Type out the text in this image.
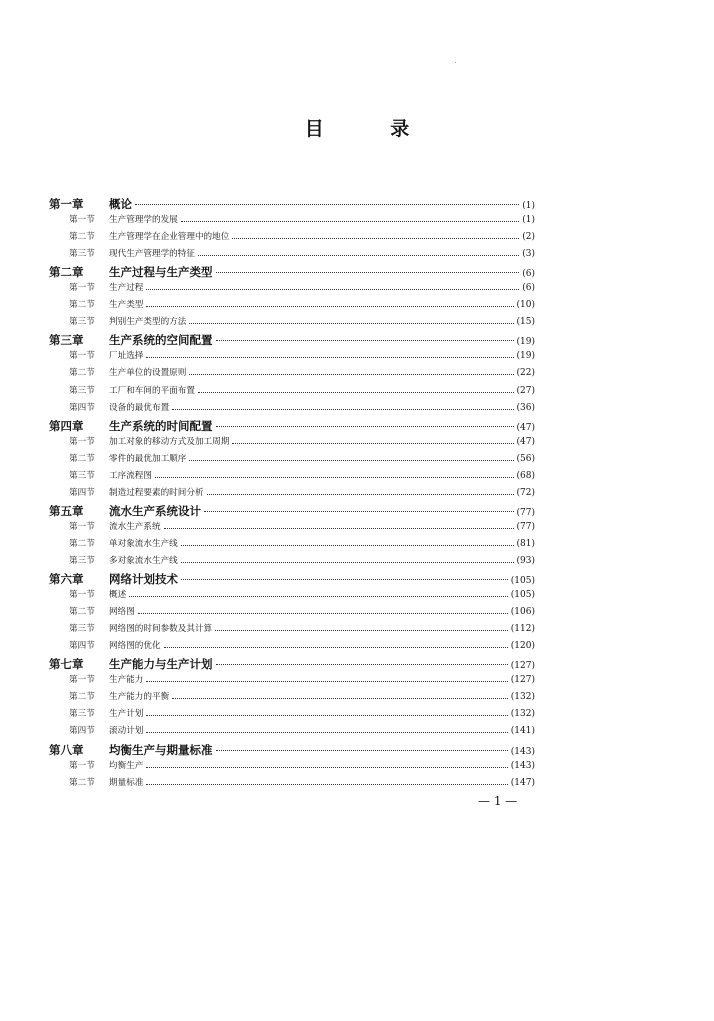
目 录
第一章	概论	(1)
第一节	生产管理学的发展	(1)
第二节	生产管理学在企业管理中的地位	(2)
第三节	现代生产管理学的特征	(3)
第二章	生产过程与生产类型	(6)
第一节	生产过程	(6)
第二节	生产类型	(10)
第三节	判别生产类型的方法	(15)
第三章	生产系统的空间配置	(19)
第一节	厂址选择	(19)
第二节	生产单位的设置原则	(22)
第三节	工厂和车间的平面布置	(27)
第四节	设备的最优布置	(36)
第四章	生产系统的时间配置	(47)
第一节	加工对象的移动方式及加工周期	(47)
第二节	零件的最优加工顺序	(56)
第三节	工序流程图	(68)
第四节	制造过程要素的时间分析	(72)
第五章	流水生产系统设计	(77)
第一节	流水生产系统	(77)
第二节	单对象流水生产线	(81)
第三节	多对象流水生产线	(93)
第六章	网络计划技术	(105)
第一节	概述	(105)
第二节	网络图	(106)
第三节	网络图的时间参数及其计算	(112)
第四节	网络图的优化	(120)
第七章	生产能力与生产计划	(127)
第一节	生产能力	(127)
第二节	生产能力的平衡	(132)
第三节	生产计划	(132)
第四节	滚动计划	(141)
第八章	均衡生产与期量标准	(143)
第一节	均衡生产	(143)
第二节	期量标准	(147)
— 1 —
